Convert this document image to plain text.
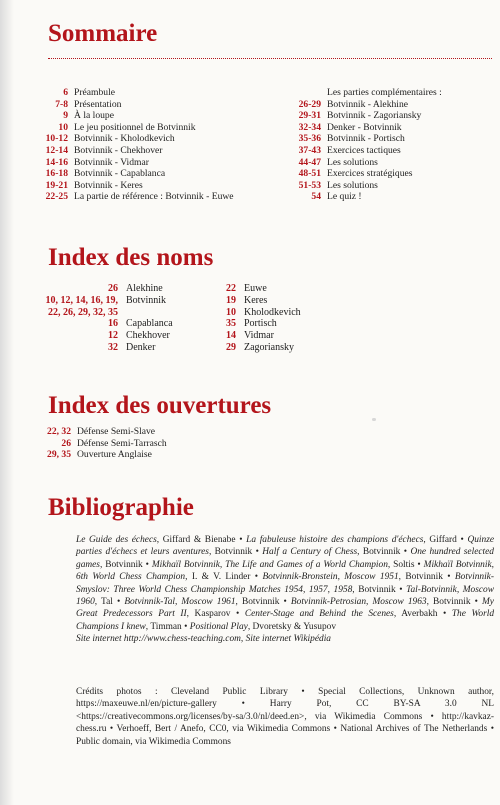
Sommaire
6 Préambule
7-8 Présentation
9 À la loupe
10 Le jeu positionnel de Botvinnik
10-12 Botvinnik - Kholodkevich
12-14 Botvinnik - Chekhover
14-16 Botvinnik - Vidmar
16-18 Botvinnik - Capablanca
19-21 Botvinnik - Keres
22-25 La partie de référence : Botvinnik - Euwe
Les parties complémentaires :
26-29 Botvinnik - Alekhine
29-31 Botvinnik - Zagoriansky
32-34 Denker - Botvinnik
35-36 Botvinnik - Portisch
37-43 Exercices tactiques
44-47 Les solutions
48-51 Exercices stratégiques
51-53 Les solutions
54 Le quiz !
Index des noms
26 Alekhine
10, 12, 14, 16, 19,
22, 26, 29, 32, 35
Botvinnik
16 Capablanca
12 Chekhover
32 Denker
22 Euwe
19 Keres
10 Kholodkevich
35 Portisch
14 Vidmar
29 Zagoriansky
Index des ouvertures
22, 32 Défense Semi-Slave
26 Défense Semi-Tarrasch
29, 35 Ouverture Anglaise
Bibliographie
Le Guide des échecs, Giffard & Bienabe • La fabuleuse histoire des champions d'échecs, Giffard • Quinze parties d'échecs et leurs aventures, Botvinnik • Half a Century of Chess, Botvinnik • One hundred selected games, Botvinnik • Mikhaïl Botvinnik, The Life and Games of a World Champion, Soltis • Mikhaïl Botvinnik, 6th World Chess Champion, I. & V. Linder • Botvinnik-Bronstein, Moscow 1951, Botvinnik • Botvinnik-Smyslov: Three World Chess Championship Matches 1954, 1957, 1958, Botvinnik • Tal-Botvinnik, Moscow 1960, Tal • Botvinnik-Tal, Moscow 1961, Botvinnik • Botvinnik-Petrosian, Moscow 1963, Botvinnik • My Great Predecessors Part II, Kasparov • Center-Stage and Behind the Scenes, Averbakh • The World Champions I knew, Timman • Positional Play, Dvoretsky & Yusupov
Site internet http://www.chess-teaching.com, Site internet Wikipédia
Crédits photos : Cleveland Public Library • Special Collections, Unknown author, https://maxeuwe.nl/en/picture-gallery • Harry Pot, CC BY-SA 3.0 NL <https://creativecommons.org/licenses/by-sa/3.0/nl/deed.en>, via Wikimedia Commons • http://kavkaz-chess.ru • Verhoeff, Bert / Anefo, CC0, via Wikimedia Commons • National Archives of The Netherlands • Public domain, via Wikimedia Commons
